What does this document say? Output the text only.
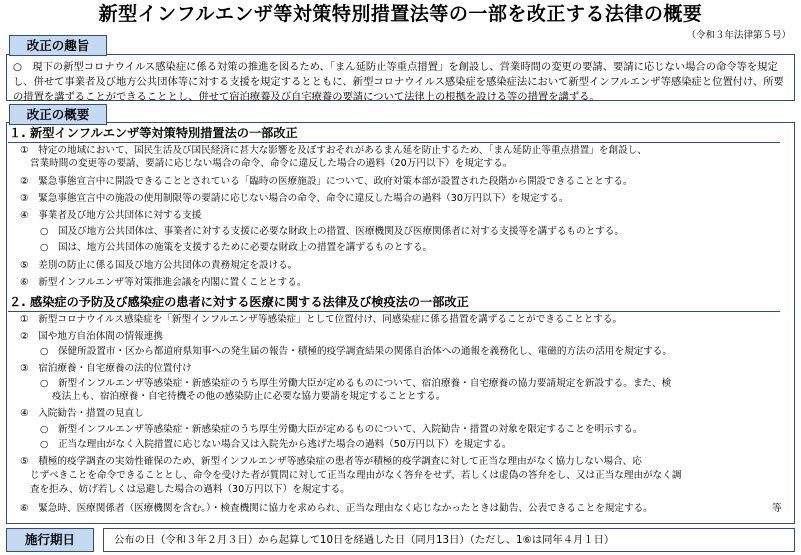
新型インフルエンザ等対策特別措置法等の一部を改正する法律の概要
（令和３年法律第５号）
○　現下の新型コロナウイルス感染症に係る対策の推進を図るため、「まん延防止等重点措置」を創設し、営業時間の変更の要請、要請に応じない場合の命令等を規定し、併せて事業者及び地方公共団体等に対する支援を規定するとともに、新型コロナウイルス感染症を感染症法において新型インフルエンザ等感染症と位置付け、所要の措置を講ずることができることとし、併せて宿泊療養及び自宅療養の要請について法律上の根拠を設ける等の措置を講ずる。
改正の趣旨
改正の概要
１. 新型インフルエンザ等対策特別措置法の一部改正
①　特定の地域において、国民生活及び国民経済に甚大な影響を及ぼすおそれがあるまん延を防止するため、「まん延防止等重点措置」を創設し、
営業時間の変更等の要請、要請に応じない場合の命令、命令に違反した場合の過料（20万円以下）を規定する。
②　緊急事態宣言中に開設できることとされている「臨時の医療施設」について、政府対策本部が設置された段階から開設できることとする。
③　緊急事態宣言中の施設の使用制限等の要請に応じない場合の命令、命令に違反した場合の過料（30万円以下）を規定する。
④　事業者及び地方公共団体に対する支援
○　国及び地方公共団体は、事業者に対する支援に必要な財政上の措置、医療機関及び医療関係者に対する支援等を講ずるものとする。
○　国は、地方公共団体の施策を支援するために必要な財政上の措置を講ずるものとする。
⑤　差別の防止に係る国及び地方公共団体の責務規定を設ける。
⑥　新型インフルエンザ等対策推進会議を内閣に置くこととする。
２. 感染症の予防及び感染症の患者に対する医療に関する法律及び検疫法の一部改正
①　新型コロナウイルス感染症を「新型インフルエンザ等感染症」として位置付け、同感染症に係る措置を講ずることができることとする。
②　国や地方自治体間の情報連携
○　保健所設置市・区から都道府県知事への発生届の報告・積極的疫学調査結果の関係自治体への通報を義務化し、電磁的方法の活用を規定する。
③　宿泊療養・自宅療養の法的位置付け
○　新型インフルエンザ等感染症・新感染症のうち厚生労働大臣が定めるものについて、宿泊療養・自宅療養の協力要請規定を新設する。また、検
疫法上も、宿泊療養・自宅待機その他の感染防止に必要な協力要請を規定することとする。
④　入院勧告・措置の見直し
○　新型インフルエンザ等感染症・新感染症のうち厚生労働大臣が定めるものについて、入院勧告・措置の対象を限定することを明示する。
○　正当な理由がなく入院措置に応じない場合又は入院先から逃げた場合の過料（50万円以下）を規定する。
⑤　積極的疫学調査の実効性確保のため、新型インフルエンザ等感染症の患者等が積極的疫学調査に対して正当な理由がなく協力しない場合、応
じずべきことを命令できることとし、命令を受けた者が質問に対して正当な理由がなく答弁をせず、若しくは虚偽の答弁をし、又は正当な理由がなく調
査を拒み、妨げ若しくは忌避した場合の過料（30万円以下）を規定する。
⑥　緊急時、医療関係者（医療機関を含む。）・検査機関に協力を求められ、正当な理由なく応じなかったときは勧告、公表できることを規定する。	等
施行期日	公布の日（令和３年２月３日）から起算して10日を経過した日（同月13日）（ただし、1⑥は同年４月１日）
